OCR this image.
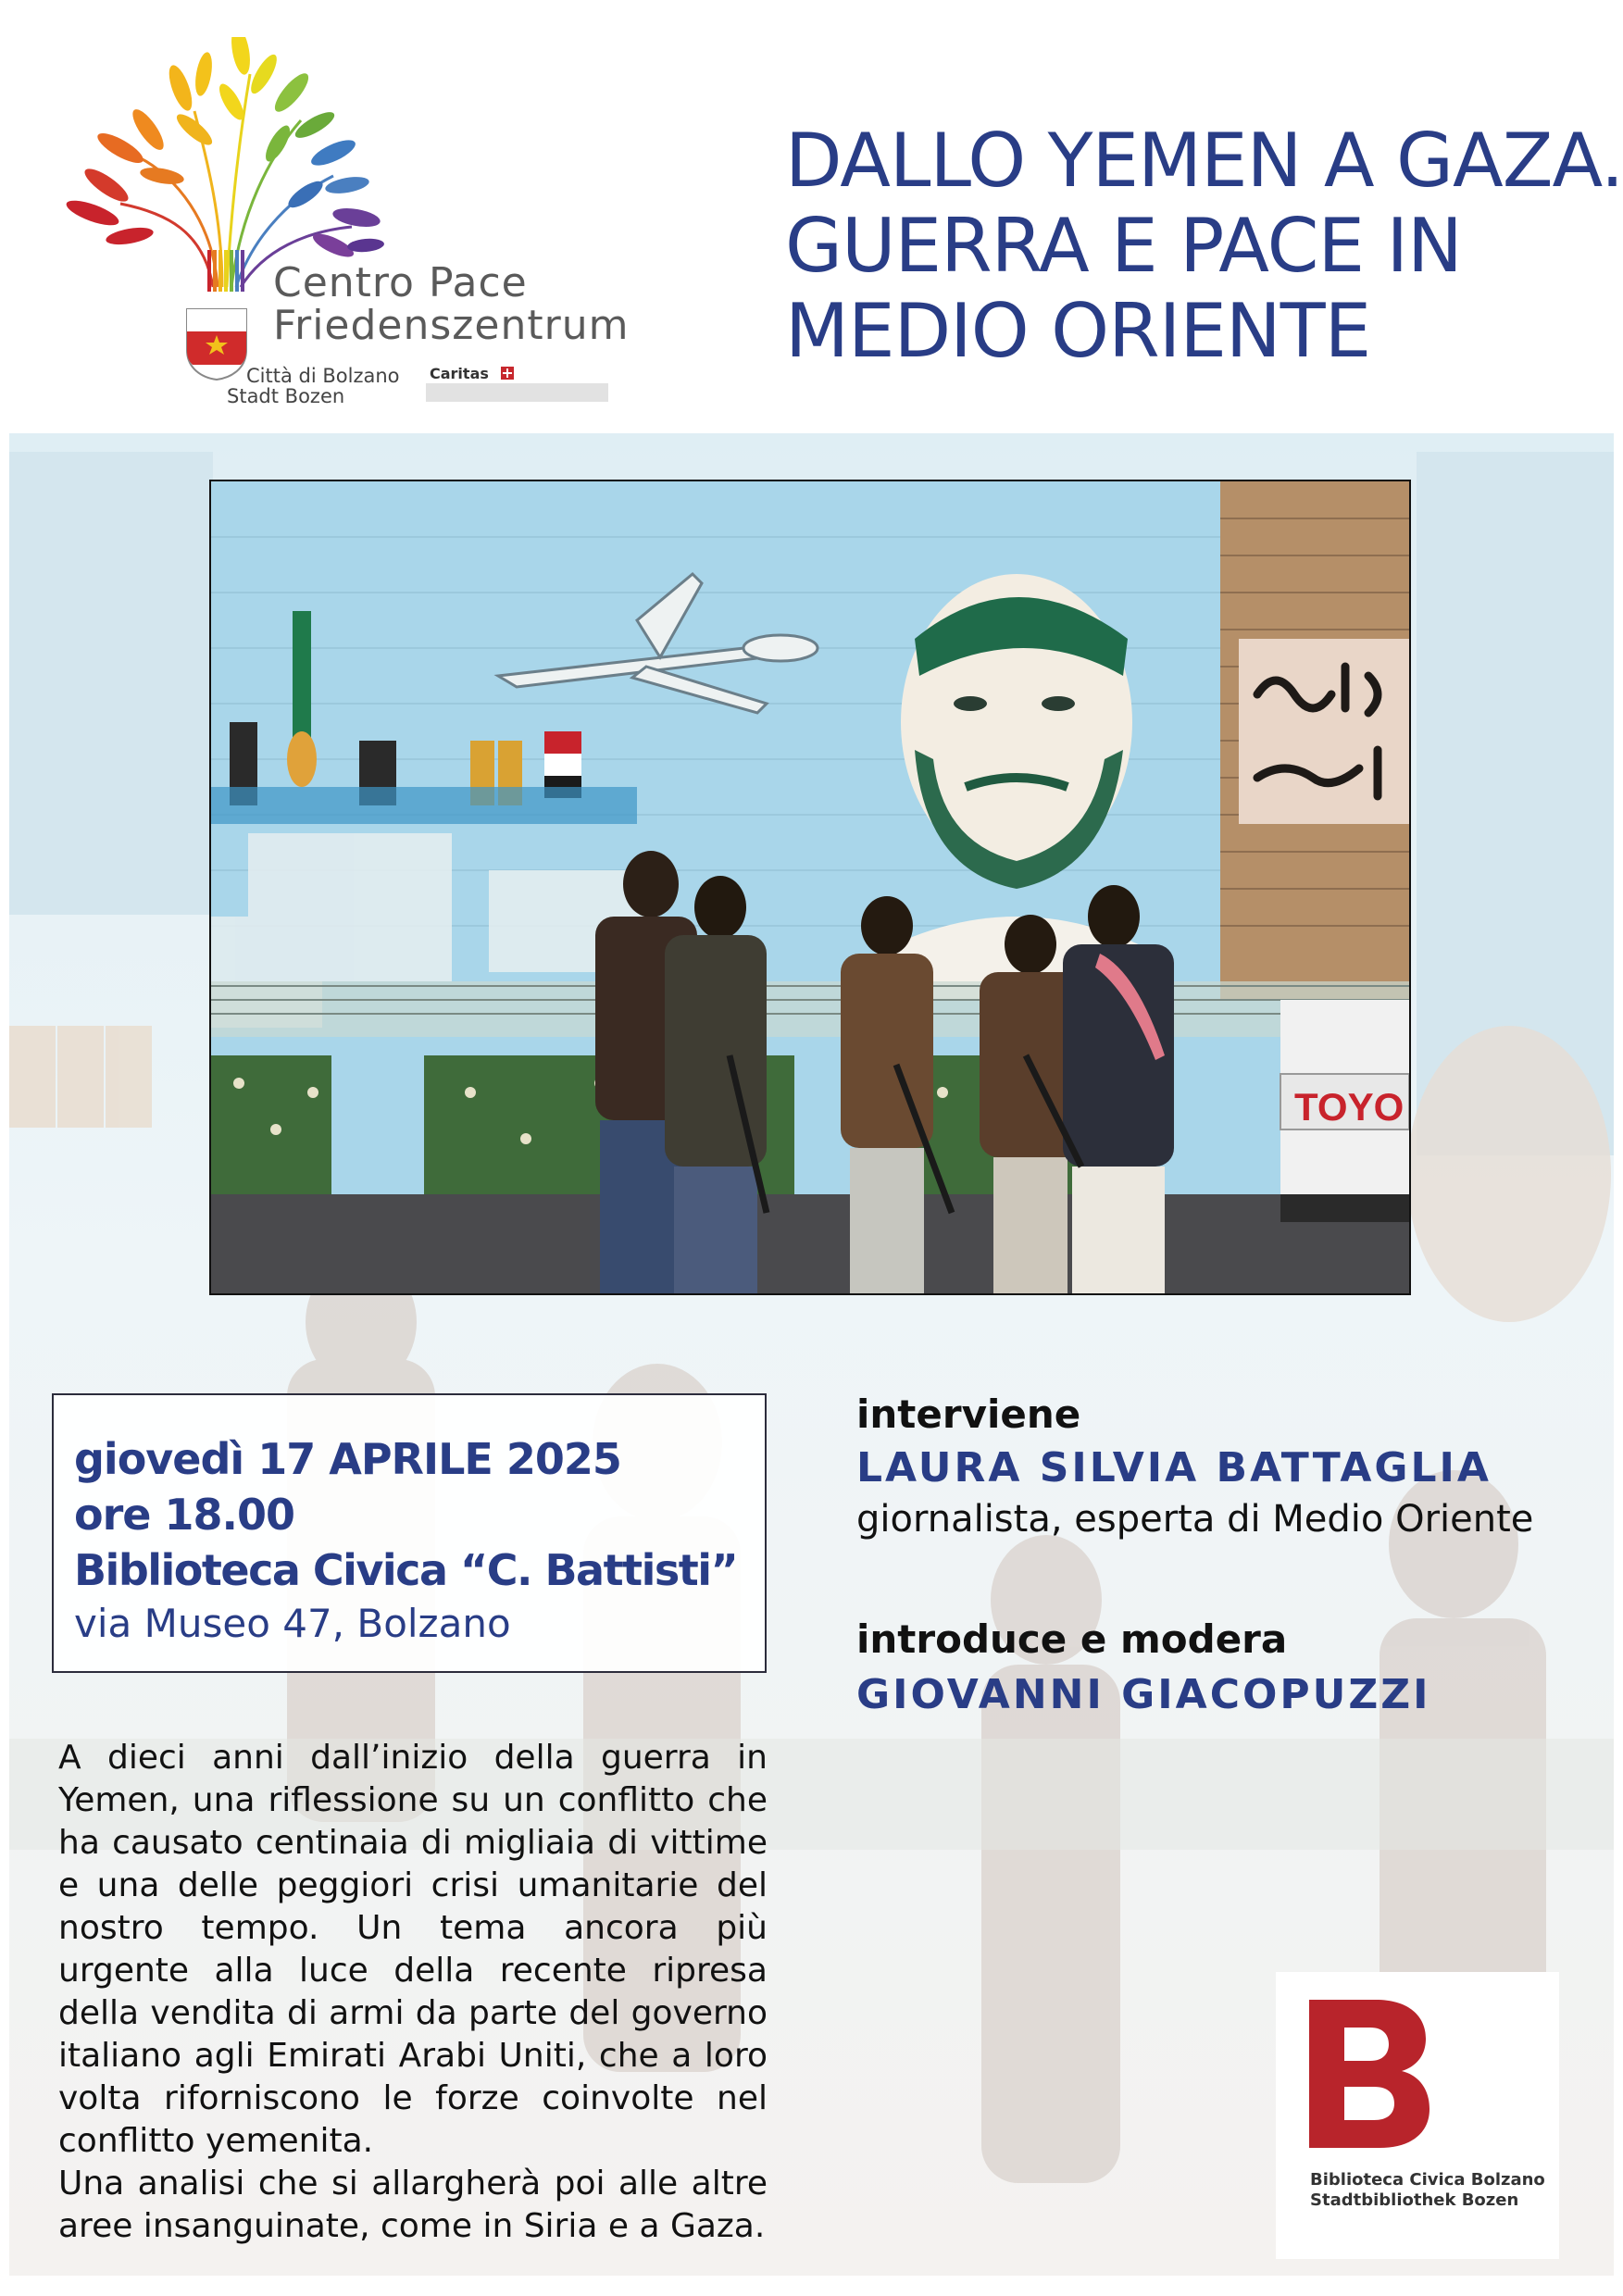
Centro Pace
Friedenszentrum
Città di Bolzano
Stadt Bozen
Caritas
DALLO YEMEN A GAZA.
GUERRA E PACE IN
MEDIO ORIENTE
TOYO
giovedì 17 APRILE 2025
ore 18.00
Biblioteca Civica “C. Battisti”
via Museo 47, Bolzano
interviene
LAURA SILVIA BATTAGLIA
giornalista, esperta di Medio Oriente
introduce e modera
GIOVANNI GIACOPUZZI

A dieci anni dall’inizio della guerra in Yemen, una riflessione su un conflitto che ha causato centinaia di migliaia di vittime e una delle peggiori crisi umanitarie del nostro tempo. Un tema ancora più urgente alla luce della recente ripresa della vendita di armi da parte del governo italiano agli Emirati Arabi Uniti, che a loro volta riforniscono le forze coinvolte nel conflitto yemenita.

Una analisi che si allargherà poi alle altre aree insanguinate, come in Siria e a Gaza.

Biblioteca Civica Bolzano
Stadtbibliothek Bozen
